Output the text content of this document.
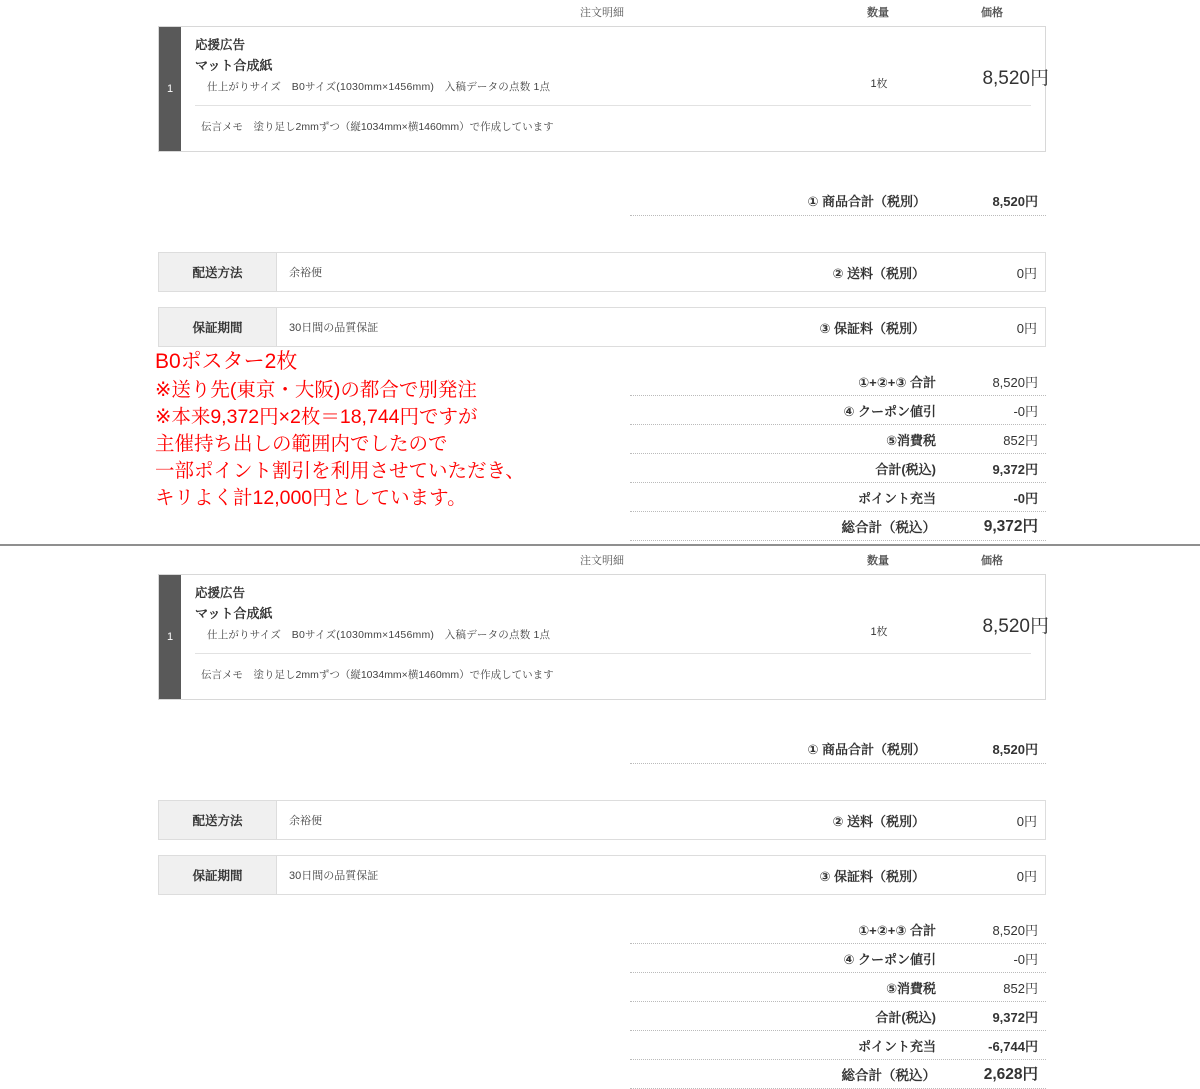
注文明細	数量	価格
1
応援広告
マット合成紙
仕上がりサイズ　B0サイズ(1030mm×1456mm)　入稿データの点数 1点
伝言メモ　塗り足し2mmずつ（縦1034mm×横1460mm）で作成しています
1枚	8,520円
① 商品合計（税別）	8,520円
配送方法	余裕便	② 送料（税別）	0円
保証期間	30日間の品質保証	③ 保証料（税別）	0円
①+②+③ 合計	8,520円
④ クーポン値引	-0円
⑤消費税	852円
合計(税込)	9,372円
ポイント充当	-0円
総合計（税込）	9,372円
B0ポスター2枚
※送り先(東京・大阪)の都合で別発注
※本来9,372円×2枚＝18,744円ですが
主催持ち出しの範囲内でしたので
一部ポイント割引を利用させていただき、
キリよく計12,000円としています。
注文明細	数量	価格
1
応援広告
マット合成紙
仕上がりサイズ　B0サイズ(1030mm×1456mm)　入稿データの点数 1点
伝言メモ　塗り足し2mmずつ（縦1034mm×横1460mm）で作成しています
1枚	8,520円
① 商品合計（税別）	8,520円
配送方法	余裕便	② 送料（税別）	0円
保証期間	30日間の品質保証	③ 保証料（税別）	0円
①+②+③ 合計	8,520円
④ クーポン値引	-0円
⑤消費税	852円
合計(税込)	9,372円
ポイント充当	-6,744円
総合計（税込）	2,628円
